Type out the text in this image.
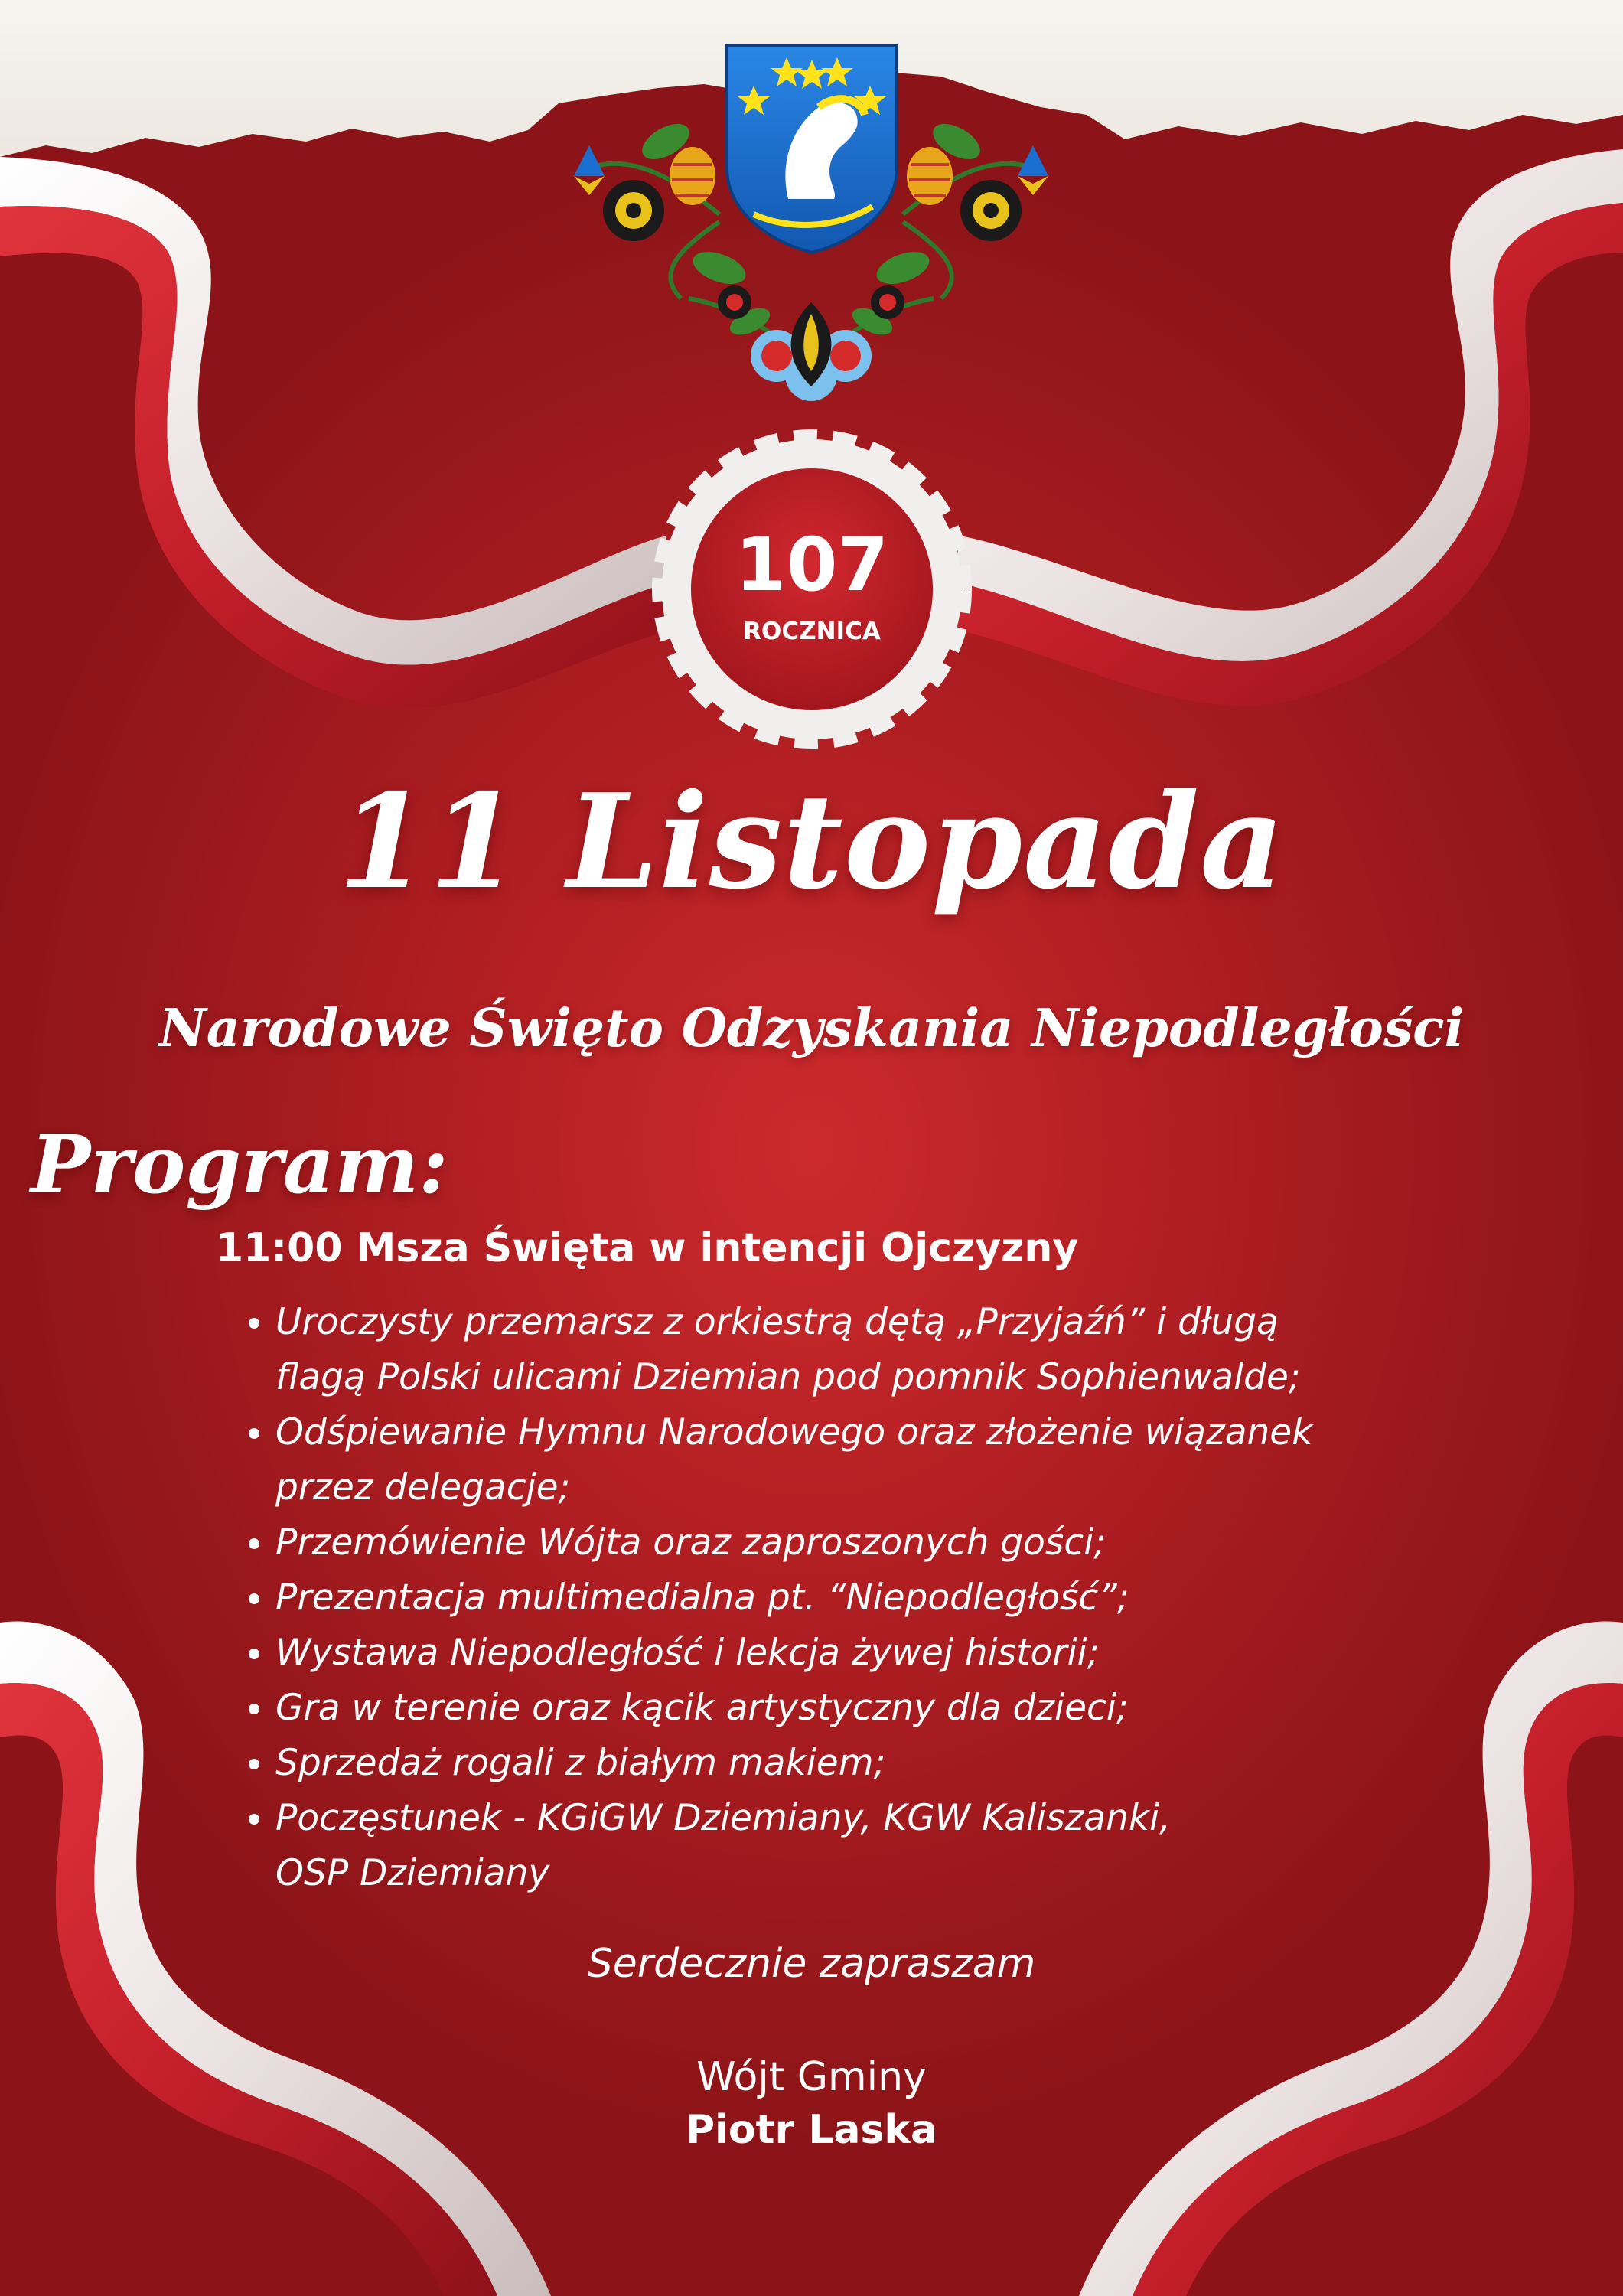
107
ROCZNICA
11 Listopada
Narodowe Święto Odzyskania Niepodległości
Program:
11:00 Msza Święta w intencji Ojczyzny
• Uroczysty przemarsz z orkiestrą dętą „Przyjaźń” i długą
flagą Polski ulicami Dziemian pod pomnik Sophienwalde;
• Odśpiewanie Hymnu Narodowego oraz złożenie wiązanek
przez delegacje;
• Przemówienie Wójta oraz zaproszonych gości;
• Prezentacja multimedialna pt. “Niepodległość”;
• Wystawa Niepodległość i lekcja żywej historii;
• Gra w terenie oraz kącik artystyczny dla dzieci;
• Sprzedaż rogali z białym makiem;
• Poczęstunek - KGiGW Dziemiany, KGW Kaliszanki,
OSP Dziemiany
Serdecznie zapraszam
Wójt Gminy
Piotr Laska
